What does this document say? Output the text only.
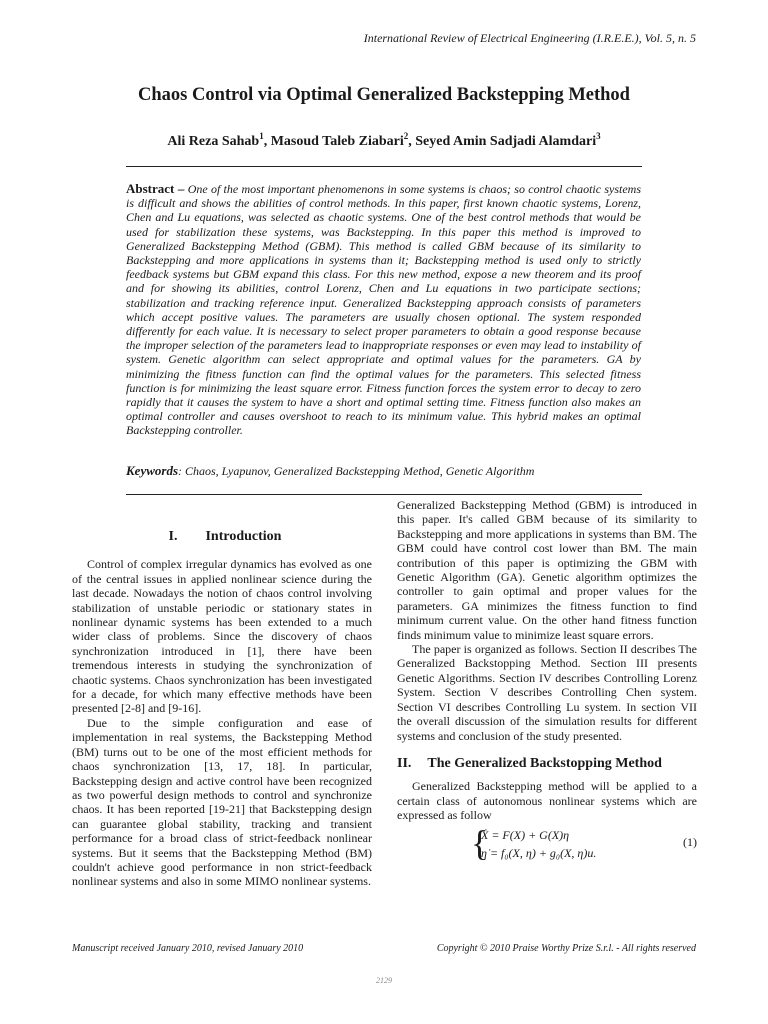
International Review of Electrical Engineering (I.R.E.E.), Vol. 5, n. 5
Chaos Control via Optimal Generalized Backstepping Method
Ali Reza Sahab$^1$, Masoud Taleb Ziabari$^2$, Seyed Amin Sadjadi Alamdari$^3$

Abstract – One of the most important phenomenons in some systems is chaos; so control chaotic systems is difficult and shows the abilities of control methods. In this paper, first known chaotic systems, Lorenz, Chen and Lu equations, was selected as chaotic systems. One of the best control methods that would be used for stabilization these systems, was Backstepping. In this paper this method is improved to Generalized Backstepping Method (GBM). This method is called GBM because of its similarity to Backstepping and more applications in systems than it; Backstepping method is used only to strictly feedback systems but GBM expand this class. For this new method, expose a new theorem and its proof and for showing its abilities, control Lorenz, Chen and Lu equations in two participate sections; stabilization and tracking reference input. Generalized Backstepping approach consists of parameters which accept positive values. The parameters are usually chosen optional. The system responded differently for each value. It is necessary to select proper parameters to obtain a good response because the improper selection of the parameters lead to inappropriate responses or even may lead to instability of system. Genetic algorithm can select appropriate and optimal values for the parameters. GA by minimizing the fitness function can find the optimal values for the parameters. This selected fitness function is for minimizing the least square error. Fitness function forces the system error to decay to zero rapidly that it causes the system to have a short and optimal setting time. Fitness function also makes an optimal controller and causes overshoot to reach to its minimum value. This hybrid makes an optimal Backstepping controller.

Keywords: Chaos, Lyapunov, Generalized Backstepping Method, Genetic Algorithm
I. Introduction

Control of complex irregular dynamics has evolved as one of the central issues in applied nonlinear science during the last decade. Nowadays the notion of chaos control involving stabilization of unstable periodic or stationary states in nonlinear dynamic systems has been extended to a much wider class of problems. Since the discovery of chaos synchronization introduced in [1], there have been tremendous interests in studying the synchronization of chaotic systems. Chaos synchronization has been investigated for a decade, for which many effective methods have been presented [2-8] and [9-16].

Due to the simple configuration and ease of implementation in real systems, the Backstepping Method (BM) turns out to be one of the most efficient methods for chaos synchronization [13, 17, 18]. In particular, Backstepping design and active control have been recognized as two powerful design methods to control and synchronize chaos. It has been reported [19-21] that Backstepping design can guarantee global stability, tracking and transient performance for a broad class of strict-feedback nonlinear systems. But it seems that the Backstepping Method (BM) couldn't achieve good performance in non strict-feedback nonlinear systems and also in some MIMO nonlinear systems.

Generalized Backstepping Method (GBM) is introduced in this paper. It's called GBM because of its similarity to Backstepping and more applications in systems than BM. The GBM could have control cost lower than BM. The main contribution of this paper is optimizing the GBM with Genetic Algorithm (GA). Genetic algorithm optimizes the controller to gain optimal and proper values for the parameters. GA minimizes the fitness function to find minimum current value. On the other hand fitness function finds minimum value to minimize least square errors.

The paper is organized as follows. Section II describes The Generalized Backstopping Method. Section III presents Genetic Algorithms. Section IV describes Controlling Lorenz System. Section V describes Controlling Chen system. Section VI describes Controlling Lu system. In section VII the overall discussion of the simulation results for different systems and conclusion of the study presented.

II. The Generalized Backstopping Method

Generalized Backstepping method will be applied to a certain class of autonomous nonlinear systems which are expressed as follow

{
Ẋ = F(X) + G(X)η
η̇ = f₀(X, η) + g₀(X, η)u.
(1)
Manuscript received January 2010, revised January 2010	Copyright © 2010 Praise Worthy Prize S.r.l. - All rights reserved
2129
